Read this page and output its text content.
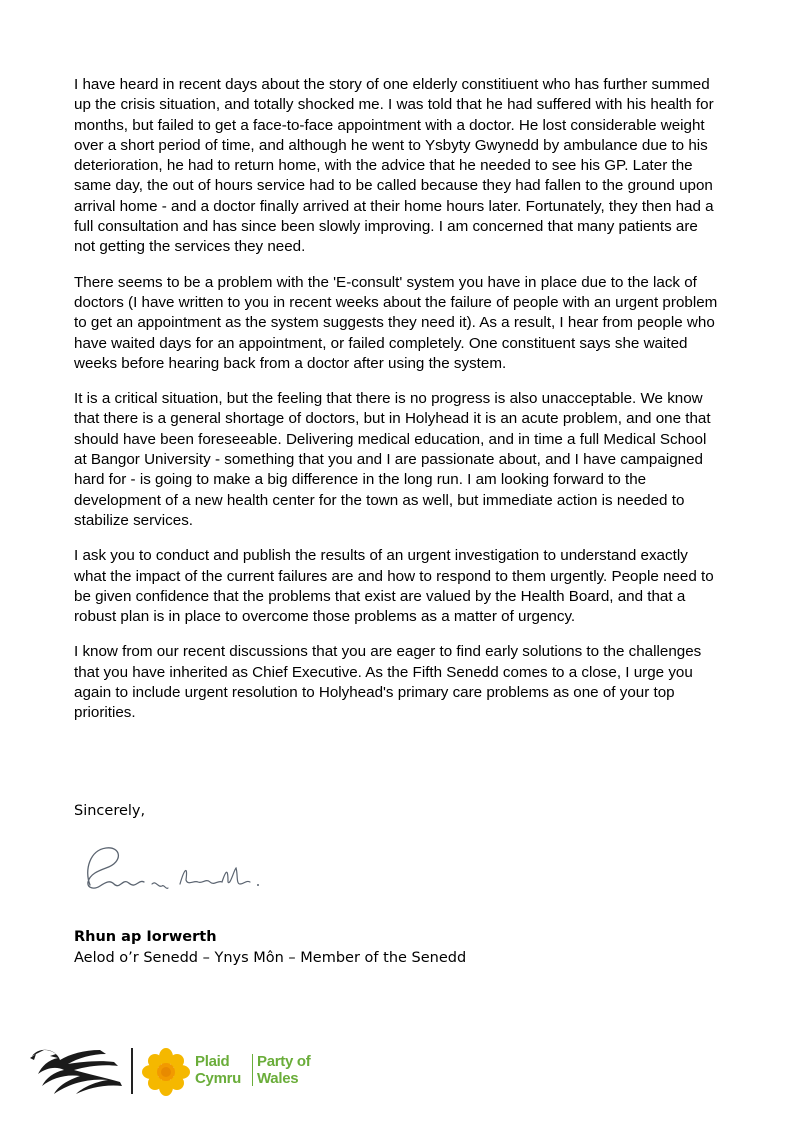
I have heard in recent days about the story of one elderly constitiuent who has further summed up the crisis situation, and totally shocked me. I was told that he had suffered with his health for months, but failed to get a face-to-face appointment with a doctor. He lost considerable weight over a short period of time, and although he went to Ysbyty Gwynedd by ambulance due to his deterioration, he had to return home, with the advice that he needed to see his GP. Later the same day, the out of hours service had to be called because they had fallen to the ground upon arrival home - and a doctor finally arrived at their home hours later. Fortunately, they then had a full consultation and has since been slowly improving. I am concerned that many patients are not getting the services they need.

There seems to be a problem with the 'E-consult' system you have in place due to the lack of doctors (I have written to you in recent weeks about the failure of people with an urgent problem to get an appointment as the system suggests they need it). As a result, I hear from people who have waited days for an appointment, or failed completely. One constituent says she waited weeks before hearing back from a doctor after using the system.

It is a critical situation, but the feeling that there is no progress is also unacceptable. We know that there is a general shortage of doctors, but in Holyhead it is an acute problem, and one that should have been foreseeable. Delivering medical education, and in time a full Medical School at Bangor University - something that you and I are passionate about, and I have campaigned hard for - is going to make a big difference in the long run. I am looking forward to the development of a new health center for the town as well, but immediate action is needed to stabilize services.

I ask you to conduct and publish the results of an urgent investigation to understand exactly what the impact of the current failures are and how to respond to them urgently. People need to be given confidence that the problems that exist are valued by the Health Board, and that a robust plan is in place to overcome those problems as a matter of urgency.

I know from our recent discussions that you are eager to find early solutions to the challenges that you have inherited as Chief Executive. As the Fifth Senedd comes to a close, I urge you again to include urgent resolution to Holyhead's primary care problems as one of your top priorities.

Sincerely,
Rhun ap Iorwerth
Aelod o’r Senedd – Ynys Môn – Member of the Senedd
Plaid
Cymru
Party of
Wales
